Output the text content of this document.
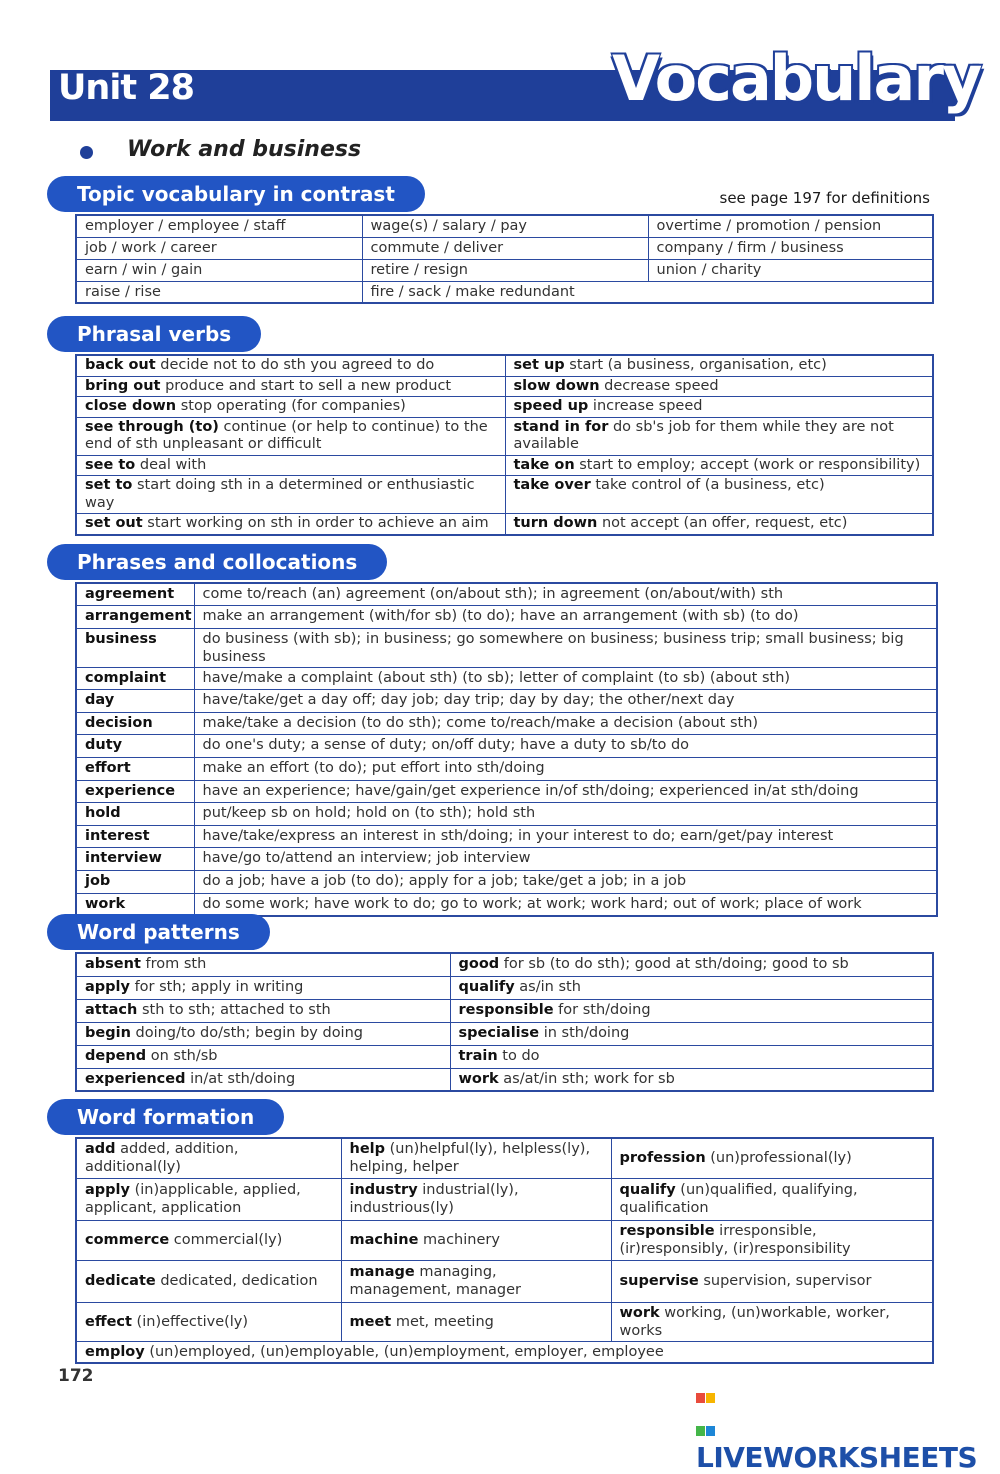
Unit 28	Vocabulary
Work and business
Topic vocabulary in contrast	see page 197 for definitions
employer / employee / staff	wage(s) / salary / pay	overtime / promotion / pension
job / work / career	commute / deliver	company / firm / business
earn / win / gain	retire / resign	union / charity
raise / rise	fire / sack / make redundant	
Phrasal verbs
back out decide not to do sth you agreed to do	set up start (a business, organisation, etc)
bring out produce and start to sell a new product	slow down decrease speed
close down stop operating (for companies)	speed up increase speed
see through (to) continue (or help to continue) to the end of sth unpleasant or difficult	stand in for do sb's job for them while they are not available
see to deal with	take on start to employ; accept (work or responsibility)
set to start doing sth in a determined or enthusiastic way	take over take control of (a business, etc)
set out start working on sth in order to achieve an aim	turn down not accept (an offer, request, etc)
Phrases and collocations
agreement	come to/reach (an) agreement (on/about sth); in agreement (on/about/with) sth
arrangement	make an arrangement (with/for sb) (to do); have an arrangement (with sb) (to do)
business	do business (with sb); in business; go somewhere on business; business trip; small business; big business
complaint	have/make a complaint (about sth) (to sb); letter of complaint (to sb) (about sth)
day	have/take/get a day off; day job; day trip; day by day; the other/next day
decision	make/take a decision (to do sth); come to/reach/make a decision (about sth)
duty	do one's duty; a sense of duty; on/off duty; have a duty to sb/to do
effort	make an effort (to do); put effort into sth/doing
experience	have an experience; have/gain/get experience in/of sth/doing; experienced in/at sth/doing
hold	put/keep sb on hold; hold on (to sth); hold sth
interest	have/take/express an interest in sth/doing; in your interest to do; earn/get/pay interest
interview	have/go to/attend an interview; job interview
job	do a job; have a job (to do); apply for a job; take/get a job; in a job
work	do some work; have work to do; go to work; at work; work hard; out of work; place of work
Word patterns
absent from sth	good for sb (to do sth); good at sth/doing; good to sb
apply for sth; apply in writing	qualify as/in sth
attach sth to sth; attached to sth	responsible for sth/doing
begin doing/to do/sth; begin by doing	specialise in sth/doing
depend on sth/sb	train to do
experienced in/at sth/doing	work as/at/in sth; work for sb
Word formation
add added, addition, additional(ly)	help (un)helpful(ly), helpless(ly), helping, helper	profession (un)professional(ly)
apply (in)applicable, applied, applicant, application	industry industrial(ly), industrious(ly)	qualify (un)qualified, qualifying, qualification
commerce commercial(ly)	machine machinery	responsible irresponsible, (ir)responsibly, (ir)responsibility
dedicate dedicated, dedication	manage managing, management, manager	supervise supervision, supervisor
effect (in)effective(ly)	meet met, meeting	work working, (un)workable, worker, works
employ (un)employed, (un)employable, (un)employment, employer, employee		
172
LIVEWORKSHEETS
